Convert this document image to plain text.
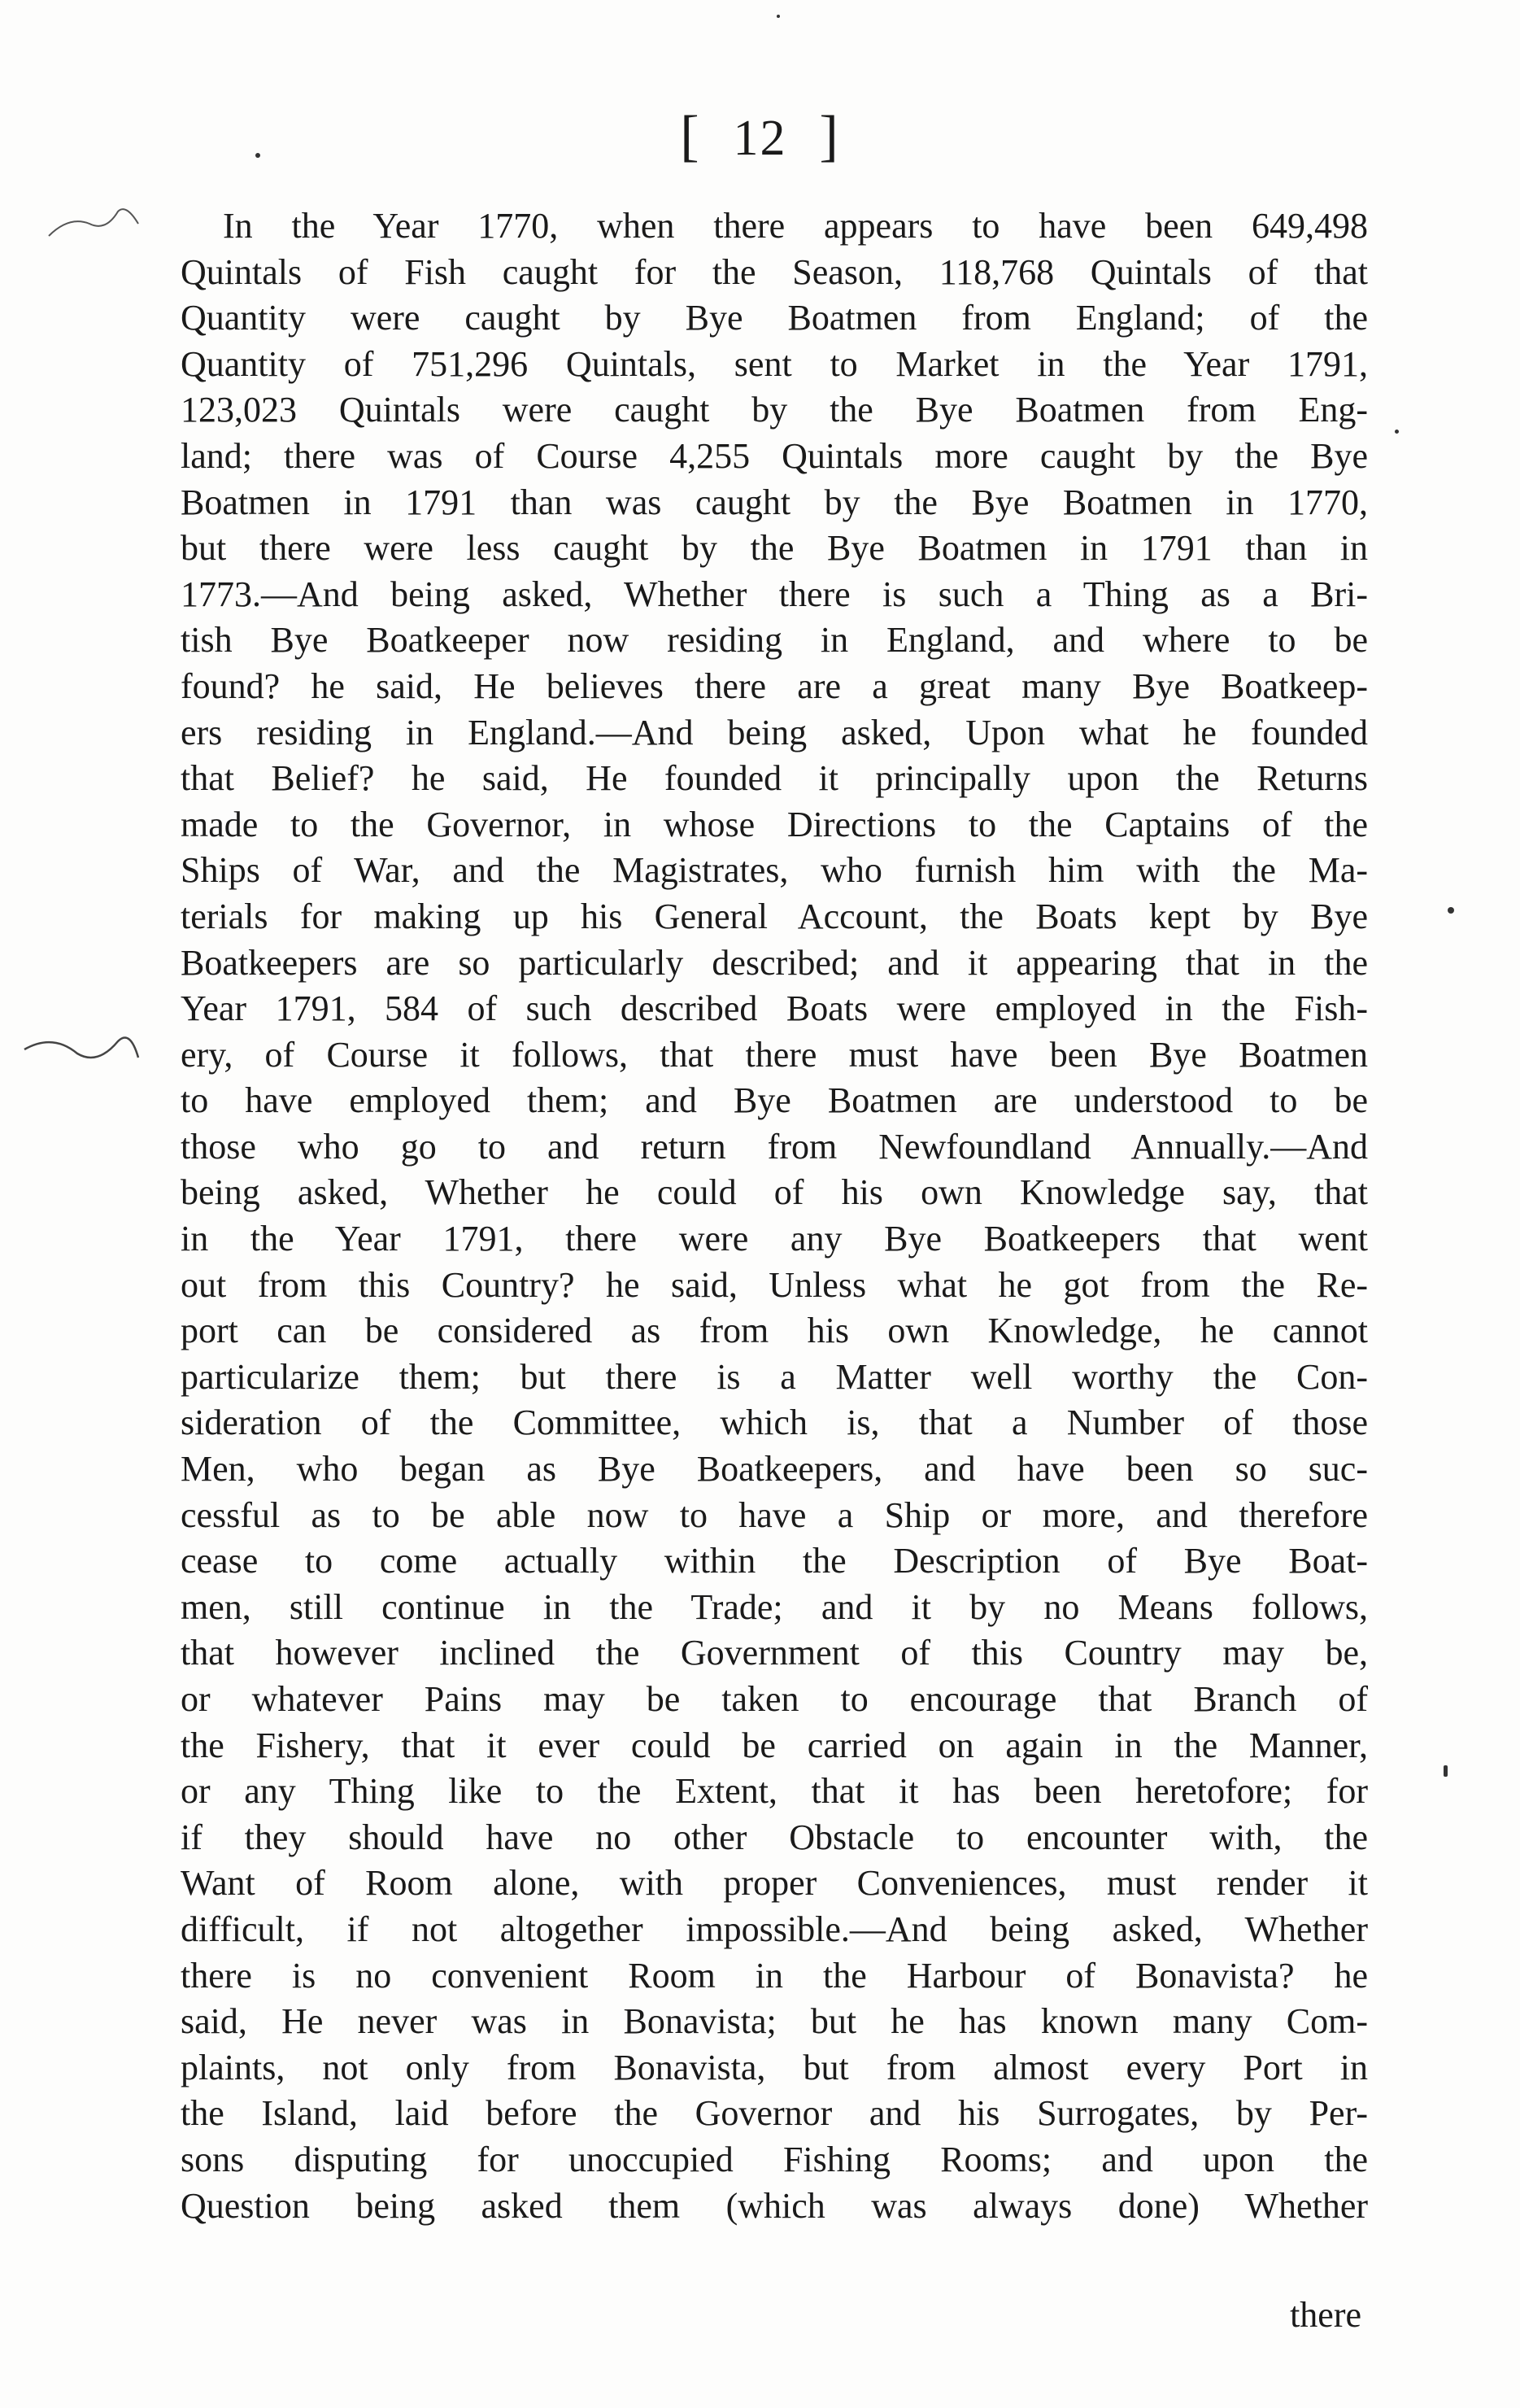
[ 12 ]
In the Year 1770, when there appears to have been 649,498
Quintals of Fish caught for the Season, 118,768 Quintals of that
Quantity were caught by Bye Boatmen from England; of the
Quantity of 751,296 Quintals, sent to Market in the Year 1791,
123,023 Quintals were caught by the Bye Boatmen from Eng-
land; there was of Course 4,255 Quintals more caught by the Bye
Boatmen in 1791 than was caught by the Bye Boatmen in 1770,
but there were less caught by the Bye Boatmen in 1791 than in
1773.—And being asked, Whether there is such a Thing as a Bri-
tish Bye Boatkeeper now residing in England, and where to be
found? he said, He believes there are a great many Bye Boatkeep-
ers residing in England.—And being asked, Upon what he founded
that Belief? he said, He founded it principally upon the Returns
made to the Governor, in whose Directions to the Captains of the
Ships of War, and the Magistrates, who furnish him with the Ma-
terials for making up his General Account, the Boats kept by Bye
Boatkeepers are so particularly described; and it appearing that in the
Year 1791, 584 of such described Boats were employed in the Fish-
ery, of Course it follows, that there must have been Bye Boatmen
to have employed them; and Bye Boatmen are understood to be
those who go to and return from Newfoundland Annually.—And
being asked, Whether he could of his own Knowledge say, that
in the Year 1791, there were any Bye Boatkeepers that went
out from this Country? he said, Unless what he got from the Re-
port can be considered as from his own Knowledge, he cannot
particularize them; but there is a Matter well worthy the Con-
sideration of the Committee, which is, that a Number of those
Men, who began as Bye Boatkeepers, and have been so suc-
cessful as to be able now to have a Ship or more, and therefore
cease to come actually within the Description of Bye Boat-
men, still continue in the Trade; and it by no Means follows,
that however inclined the Government of this Country may be,
or whatever Pains may be taken to encourage that Branch of
the Fishery, that it ever could be carried on again in the Manner,
or any Thing like to the Extent, that it has been heretofore; for
if they should have no other Obstacle to encounter with, the
Want of Room alone, with proper Conveniences, must render it
difficult, if not altogether impossible.—And being asked, Whether
there is no convenient Room in the Harbour of Bonavista? he
said, He never was in Bonavista; but he has known many Com-
plaints, not only from Bonavista, but from almost every Port in
the Island, laid before the Governor and his Surrogates, by Per-
sons disputing for unoccupied Fishing Rooms; and upon the
Question being asked them (which was always done) Whether
there
